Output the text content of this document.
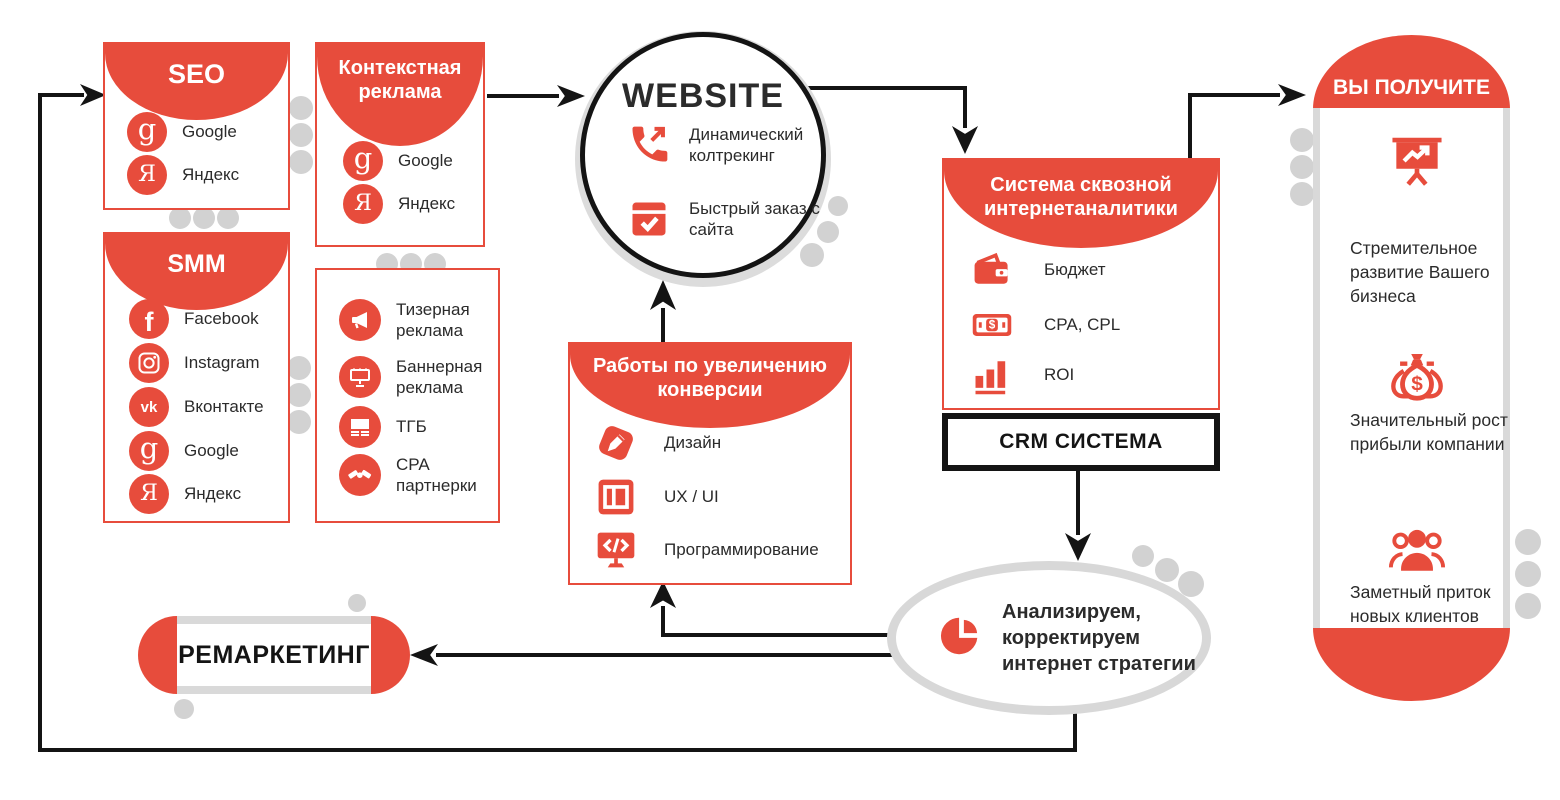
SEO
g Google
Я Яндекс
Контекстная реклама
g Google
Я Яндекс
SMM
f Facebook
Instagram
vk Вконтакте
g Google
Я Яндекс
Тизерная реклама
Баннерная реклама
ТГБ
CPA партнерки
WEBSITE
Динамический колтрекинг
Быстрый заказ с сайта
Работы по увеличению конверсии
Дизайн
UX / UI
Программирование
Система сквозной интернетаналитики
Бюджет
$	CPA, CPL
ROI
CRM СИСТЕМА
Анализируем, корректируем интернет стратегии
РЕМАРКЕТИНГ
ВЫ ПОЛУЧИТЕ
Стремительное развитие Вашего бизнеса
$
Значительный рост прибыли компании
Заметный приток новых клиентов
